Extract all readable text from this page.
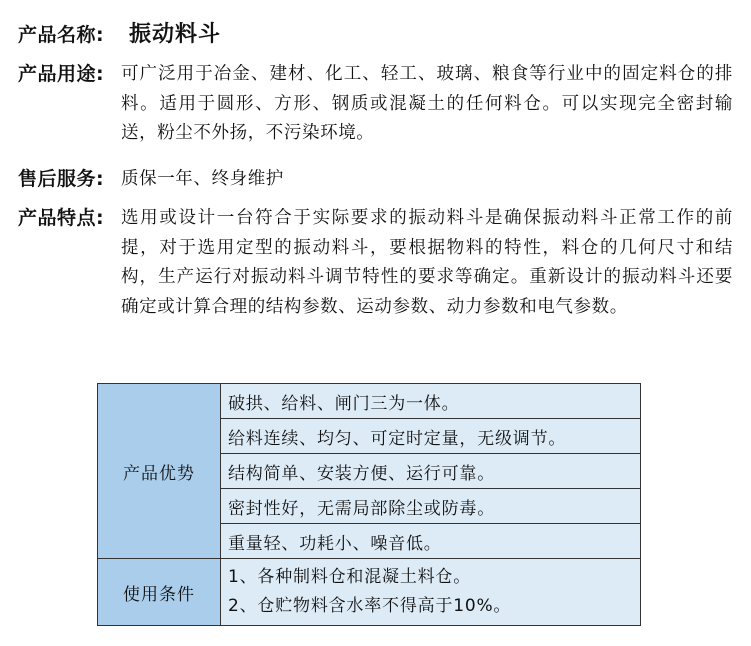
产品名称: 振动料斗
产品用途: 可广泛用于冶金、建材、化工、轻工、玻璃、粮食等行业中的固定料仓的排料。适用于圆形、方形、钢质或混凝土的任何料仓。可以实现完全密封输送，粉尘不外扬，不污染环境。
售后服务: 质保一年、终身维护
产品特点: 选用或设计一台符合于实际要求的振动料斗是确保振动料斗正常工作的前提，对于选用定型的振动料斗，要根据物料的特性，料仓的几何尺寸和结构，生产运行对振动料斗调节特性的要求等确定。重新设计的振动料斗还要确定或计算合理的结构参数、运动参数、动力参数和电气参数。
产品优势	破拱、给料、闸门三为一体。
	给料连续、均匀、可定时定量，无级调节。
	结构简单、安装方便、运行可靠。
	密封性好，无需局部除尘或防毒。
	重量轻、功耗小、噪音低。
使用条件	1、各种制料仓和混凝土料仓。
2、仓贮物料含水率不得高于10%。
